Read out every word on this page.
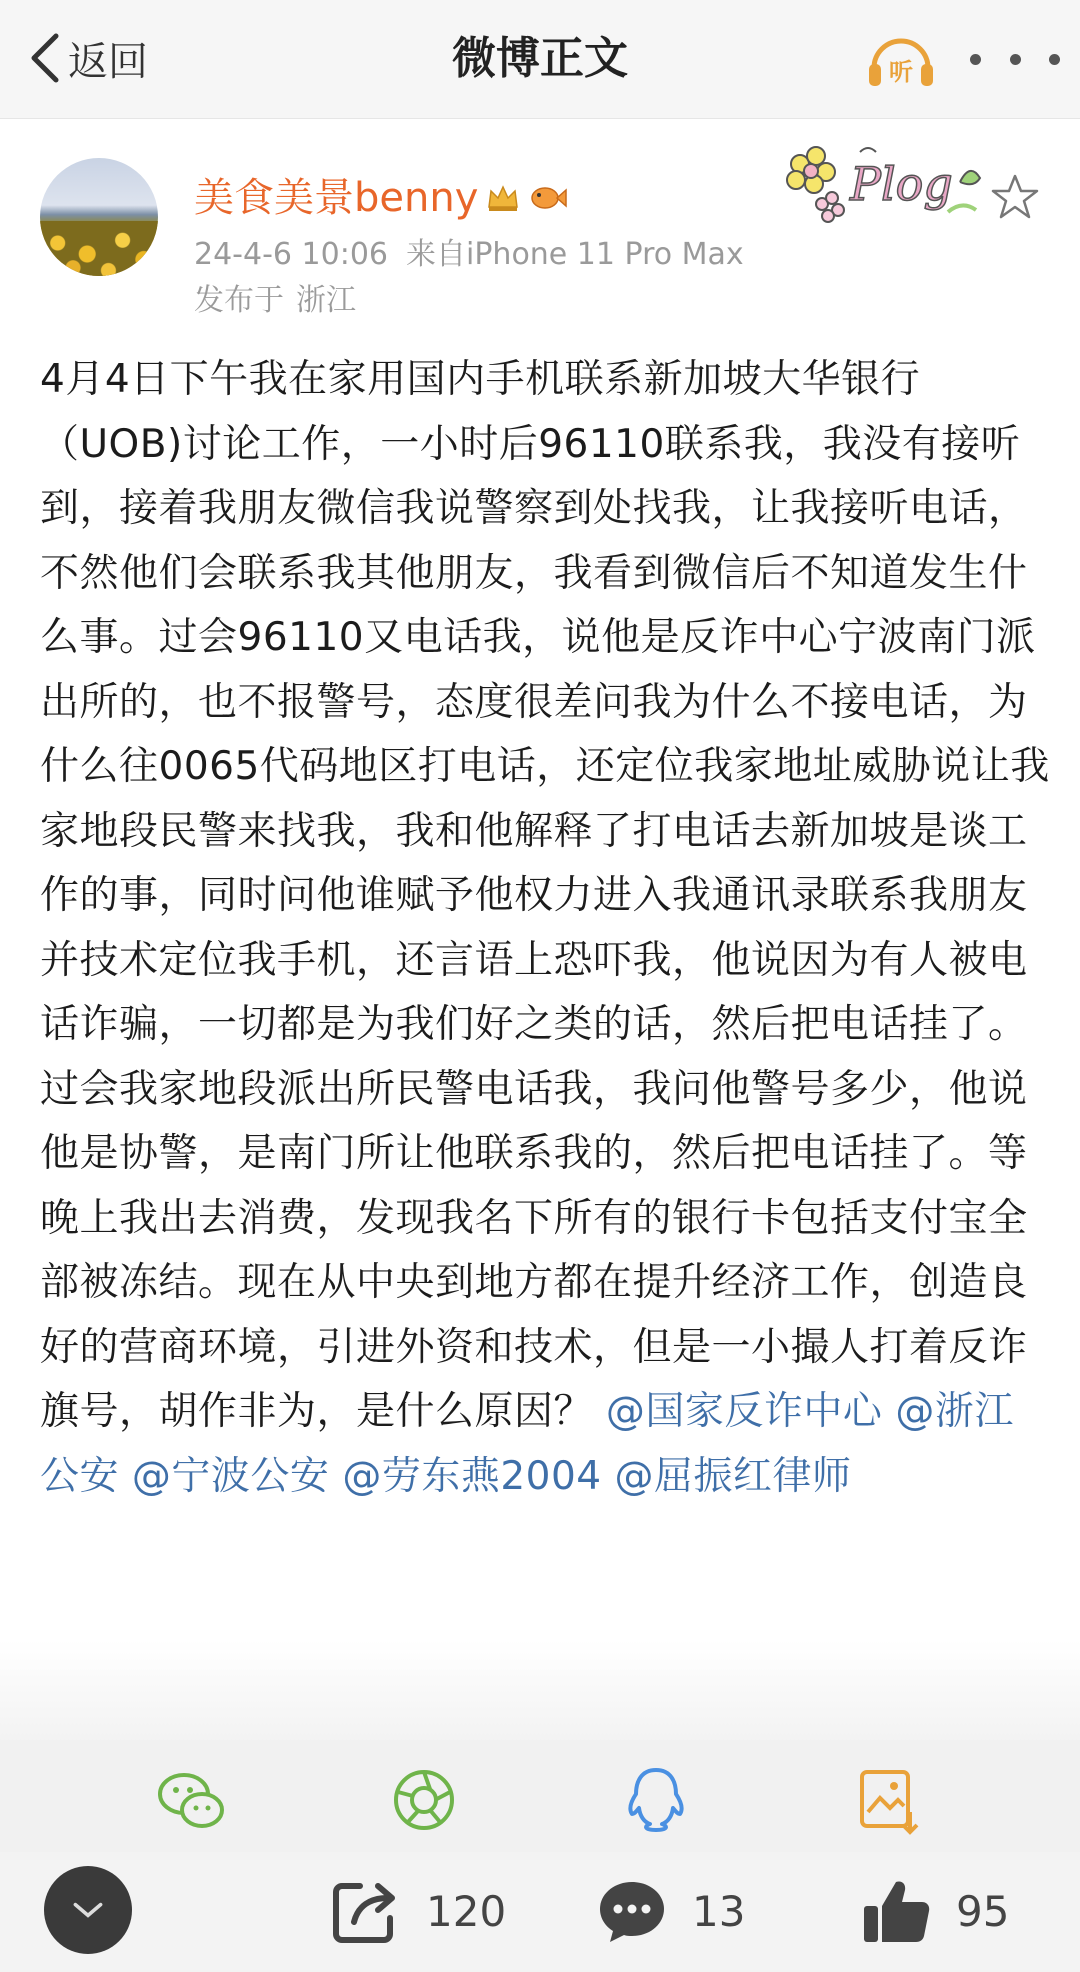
返回	微博正文	听
美食美景benny
24-4-6 10:06 来自iPhone 11 Pro Max
发布于 浙江
Plog
4月4日下午我在家用国内手机联系新加坡大华银行（UOB)讨论工作，一小时后96110联系我，我没有接听到，接着我朋友微信我说警察到处找我，让我接听电话，不然他们会联系我其他朋友，我看到微信后不知道发生什么事。过会96110又电话我，说他是反诈中心宁波南门派出所的，也不报警号，态度很差问我为什么不接电话，为什么往0065代码地区打电话，还定位我家地址威胁说让我家地段民警来找我，我和他解释了打电话去新加坡是谈工作的事，同时问他谁赋予他权力进入我通讯录联系我朋友并技术定位我手机，还言语上恐吓我，他说因为有人被电话诈骗，一切都是为我们好之类的话，然后把电话挂了。过会我家地段派出所民警电话我，我问他警号多少，他说他是协警，是南门所让他联系我的，然后把电话挂了。等晚上我出去消费，发现我名下所有的银行卡包括支付宝全部被冻结。现在从中央到地方都在提升经济工作，创造良好的营商环境，引进外资和技术，但是一小撮人打着反诈旗号，胡作非为，是什么原因？ @国家反诈中心 @浙江公安 @宁波公安 @劳东燕2004 @屈振红律师
120	13	95
